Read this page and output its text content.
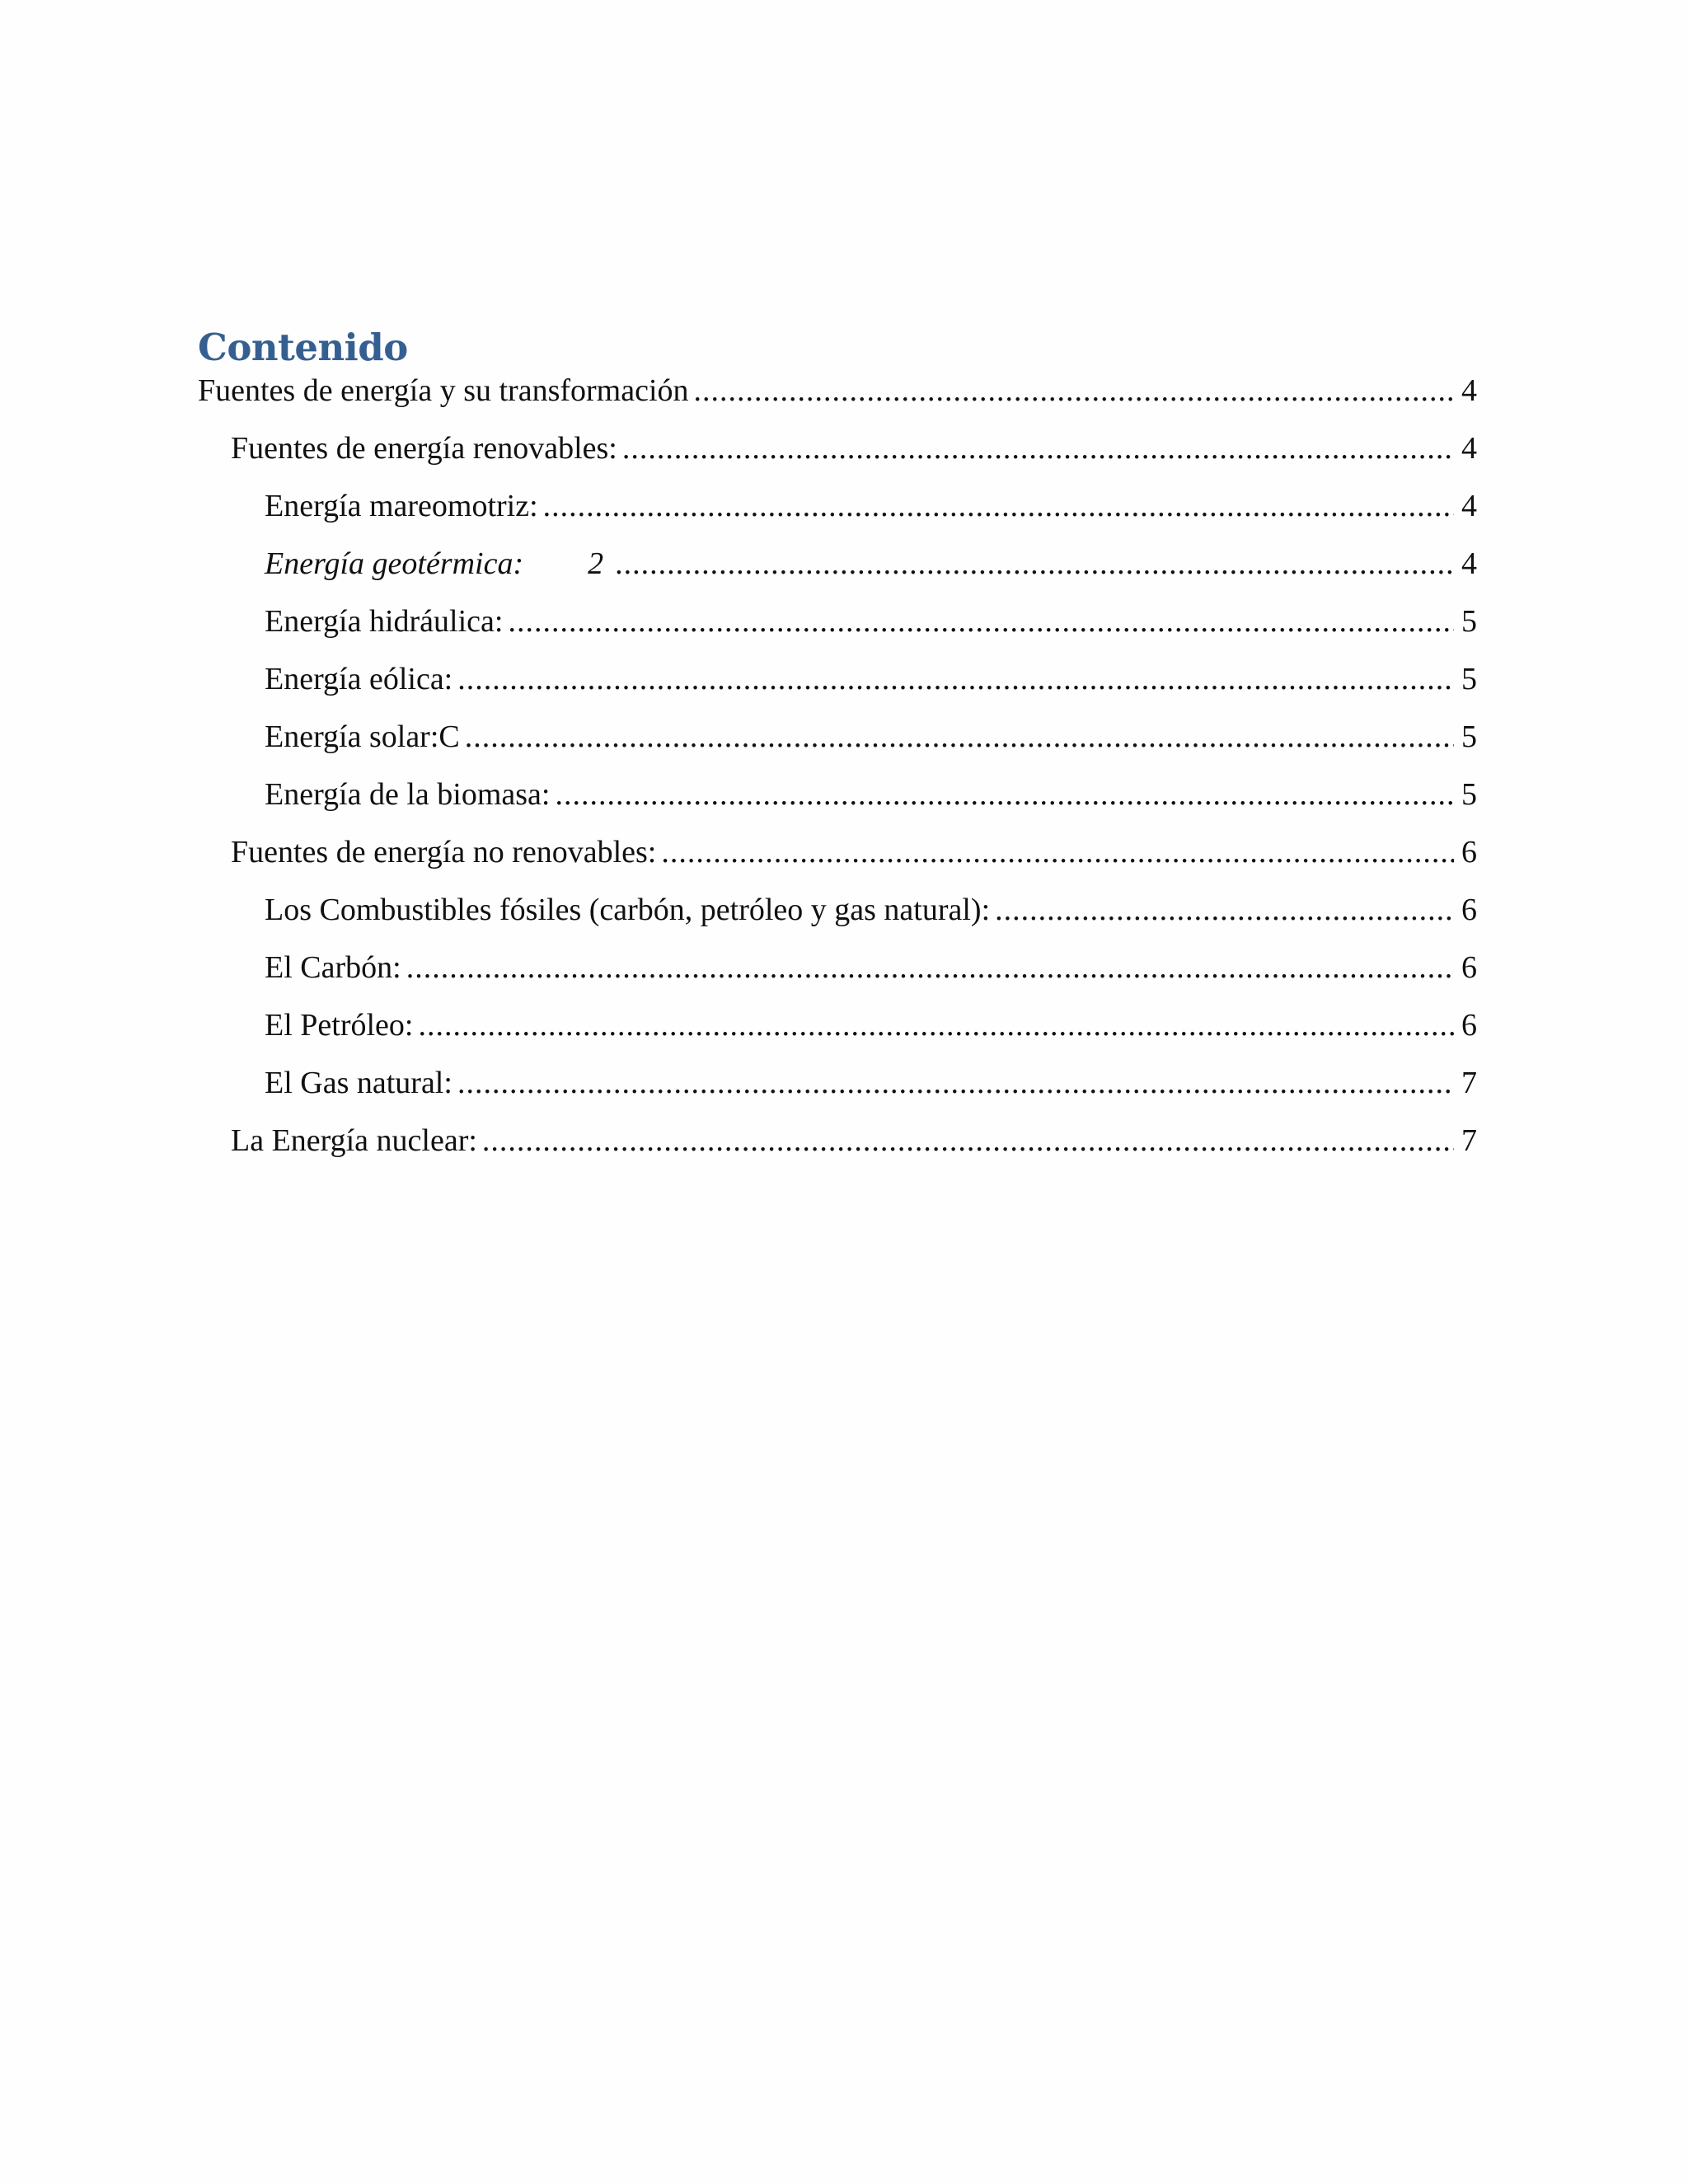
Contenido
Fuentes de energía y su transformación .....	4
Fuentes de energía renovables: .....	4
Energía mareomotriz: .....	4
Energía geotérmica: 2 .....	4
Energía hidráulica: .....	5
Energía eólica: .....	5
Energía solar:C .....	5
Energía de la biomasa: .....	5
Fuentes de energía no renovables: .....	6
Los Combustibles fósiles (carbón, petróleo y gas natural): .....	6
El Carbón: .....	6
El Petróleo: .....	6
El Gas natural: .....	7
La Energía nuclear: .....	7
